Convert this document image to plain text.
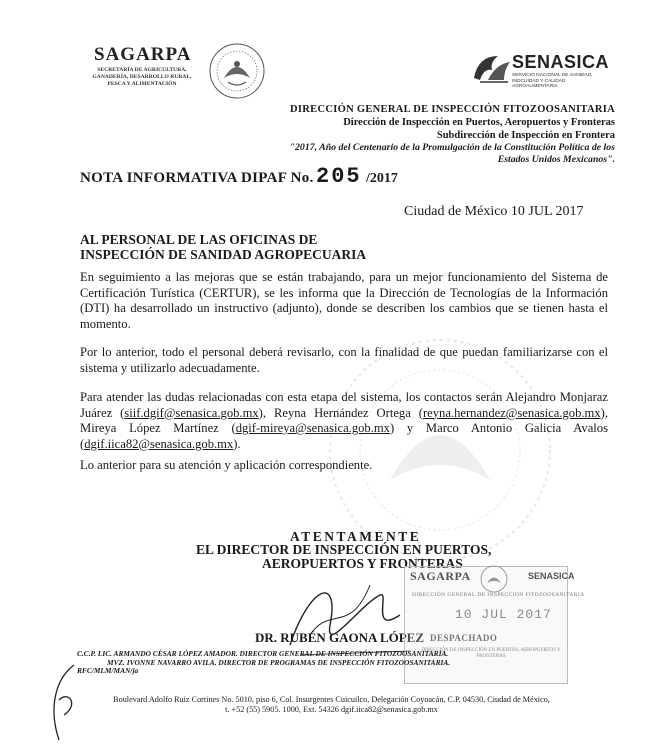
SAGARPA
SECRETARÍA DE AGRICULTURA, GANADERÍA, DESARROLLO RURAL, PESCA Y ALIMENTACIÓN
SENASICA
SERVICIO NACIONAL DE SANIDAD, INOCUIDAD Y CALIDAD AGROALIMENTARIA
DIRECCIÓN GENERAL DE INSPECCIÓN FITOZOOSANITARIA
Dirección de Inspección en Puertos, Aeropuertos y Fronteras
Subdirección de Inspección en Frontera
"2017, Año del Centenario de la Promulgación de la Constitución Política de los
Estados Unidos Mexicanos".
NOTA INFORMATIVA DIPAF No. 205 /2017
Ciudad de México 10 JUL 2017
AL PERSONAL DE LAS OFICINAS DE
INSPECCIÓN DE SANIDAD AGROPECUARIA
En seguimiento a las mejoras que se están trabajando, para un mejor funcionamiento del Sistema de Certificación Turística (CERTUR), se les informa que la Dirección de Tecnologías de la Información (DTI) ha desarrollado un instructivo (adjunto), donde se describen los cambios que se tienen hasta el momento.
Por lo anterior, todo el personal deberá revisarlo, con la finalidad de que puedan familiarizarse con el sistema y utilizarlo adecuadamente.
Para atender las dudas relacionadas con esta etapa del sistema, los contactos serán Alejandro Monjaraz Juárez (siif.dgif@senasica.gob.mx), Reyna Hernández Ortega (reyna.hernandez@senasica.gob.mx), Mireya López Martínez (dgif-mireya@senasica.gob.mx) y Marco Antonio Galicia Avalos (dgif.iica82@senasica.gob.mx).
Lo anterior para su atención y aplicación correspondiente.
ATENTAMENTE
EL DIRECTOR DE INSPECCIÓN EN PUERTOS,
AEROPUERTOS Y FRONTERAS
DR. RUBÉN GAONA LÓPEZ
SAGARPA	SENASICA
DIRECCIÓN GENERAL DE INSPECCIÓN FITOZOOSANITARIA
10 JUL 2017
DESPACHADO
DIRECCIÓN DE INSPECCIÓN EN PUERTOS, AEROPUERTOS Y FRONTERAS
C.C.P. LIC. ARMANDO CÉSAR LÓPEZ AMADOR. DIRECTOR GENERAL DE INSPECCIÓN FITOZOOSANITARIA.
MVZ. IVONNE NAVARRO AVILA. DIRECTOR DE PROGRAMAS DE INSPECCIÓN FITOZOOSANITARIA.
RFC/MLM/MAN/ja
Boulevard Adolfo Ruiz Cortines No. 5010, piso 6, Col. Insurgentes Cuicuilco, Delegación Coyoacán, C.P. 04530, Ciudad de México,
t. +52 (55) 5905. 1000, Ext. 54326 dgif.iica82@senasica.gob.mx
